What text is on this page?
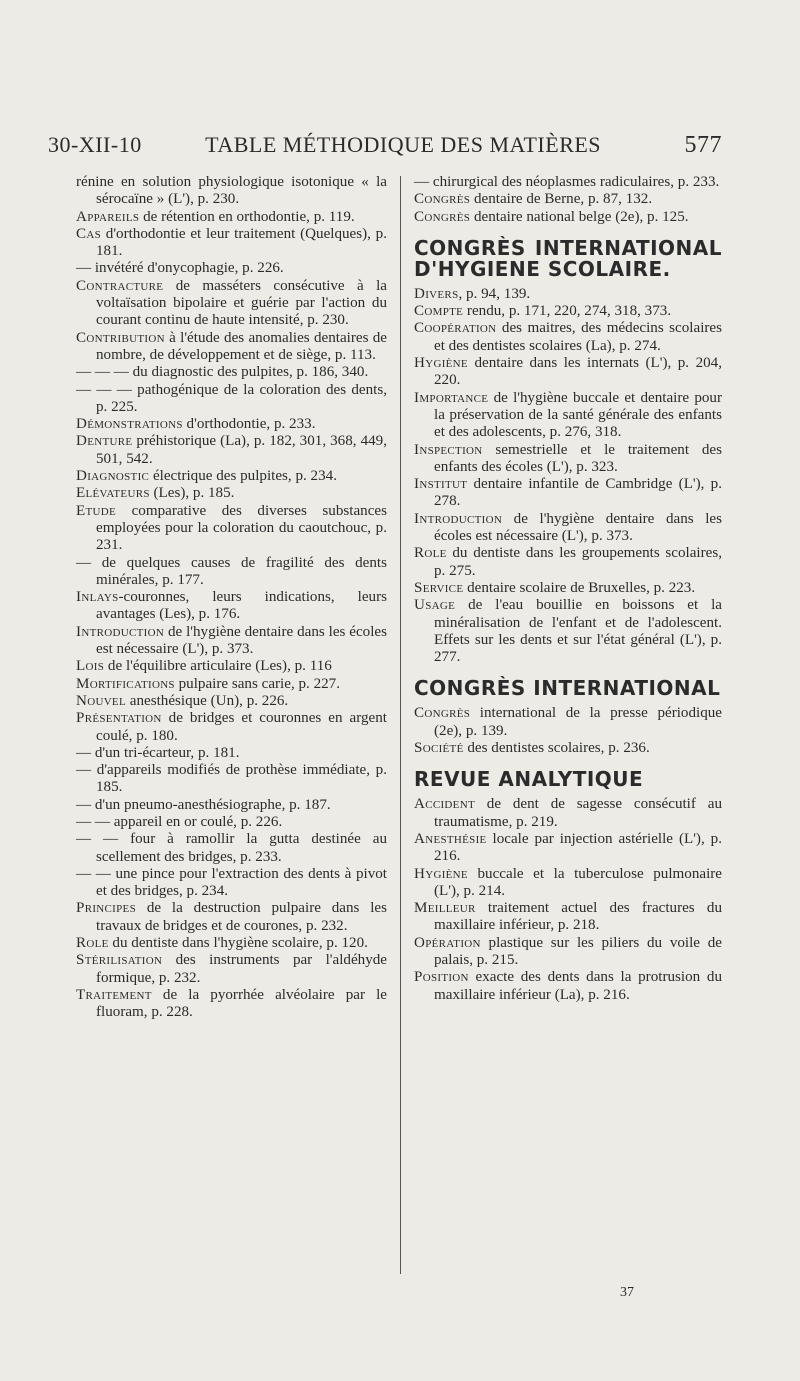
30-XII-10	TABLE MÉTHODIQUE DES MATIÈRES	577

rénine en solution physiologique isotonique « la sérocaïne » (L'), p. 230.

Appareils de rétention en orthodontie, p. 119.

Cas d'orthodontie et leur traitement (Quelques), p. 181.

— invétéré d'onycophagie, p. 226.

Contracture de masséters consécutive à la voltaïsation bipolaire et guérie par l'action du courant continu de haute intensité, p. 230.

Contribution à l'étude des anomalies dentaires de nombre, de développement et de siège, p. 113.

— — — du diagnostic des pulpites, p. 186, 340.

— — — pathogénique de la coloration des dents, p. 225.

Démonstrations d'orthodontie, p. 233.

Denture préhistorique (La), p. 182, 301, 368, 449, 501, 542.

Diagnostic électrique des pulpites, p. 234.

Elévateurs (Les), p. 185.

Etude comparative des diverses substances employées pour la coloration du caoutchouc, p. 231.

— de quelques causes de fragilité des dents minérales, p. 177.

Inlays-couronnes, leurs indications, leurs avantages (Les), p. 176.

Introduction de l'hygiène dentaire dans les écoles est nécessaire (L'), p. 373.

Lois de l'équilibre articulaire (Les), p. 116

Mortifications pulpaire sans carie, p. 227.

Nouvel anesthésique (Un), p. 226.

Présentation de bridges et couronnes en argent coulé, p. 180.

— d'un tri-écarteur, p. 181.

— d'appareils modifiés de prothèse immédiate, p. 185.

— d'un pneumo-anesthésiographe, p. 187.

— — appareil en or coulé, p. 226.

— — four à ramollir la gutta destinée au scellement des bridges, p. 233.

— — une pince pour l'extraction des dents à pivot et des bridges, p. 234.

Principes de la destruction pulpaire dans les travaux de bridges et de courones, p. 232.

Role du dentiste dans l'hygiène scolaire, p. 120.

Stérilisation des instruments par l'aldéhyde formique, p. 232.

Traitement de la pyorrhée alvéolaire par le fluoram, p. 228.

— chirurgical des néoplasmes radiculaires, p. 233.

Congrès dentaire de Berne, p. 87, 132.

Congrès dentaire national belge (2e), p. 125.

CONGRÈS INTERNATIONAL D'HYGIENE SCOLAIRE.

Divers, p. 94, 139.

Compte rendu, p. 171, 220, 274, 318, 373.

Coopération des maitres, des médecins scolaires et des dentistes scolaires (La), p. 274.

Hygiène dentaire dans les internats (L'), p. 204, 220.

Importance de l'hygiène buccale et dentaire pour la préservation de la santé générale des enfants et des adolescents, p. 276, 318.

Inspection semestrielle et le traitement des enfants des écoles (L'), p. 323.

Institut dentaire infantile de Cambridge (L'), p. 278.

Introduction de l'hygiène dentaire dans les écoles est nécessaire (L'), p. 373.

Role du dentiste dans les groupements scolaires, p. 275.

Service dentaire scolaire de Bruxelles, p. 223.

Usage de l'eau bouillie en boissons et la minéralisation de l'enfant et de l'adolescent. Effets sur les dents et sur l'état général (L'), p. 277.

CONGRÈS INTERNATIONAL

Congrès international de la presse périodique (2e), p. 139.

Société des dentistes scolaires, p. 236.

REVUE ANALYTIQUE

Accident de dent de sagesse consécutif au traumatisme, p. 219.

Anesthésie locale par injection astérielle (L'), p. 216.

Hygiène buccale et la tuberculose pulmonaire (L'), p. 214.

Meilleur traitement actuel des fractures du maxillaire inférieur, p. 218.

Opération plastique sur les piliers du voile de palais, p. 215.

Position exacte des dents dans la protrusion du maxillaire inférieur (La), p. 216.

37
